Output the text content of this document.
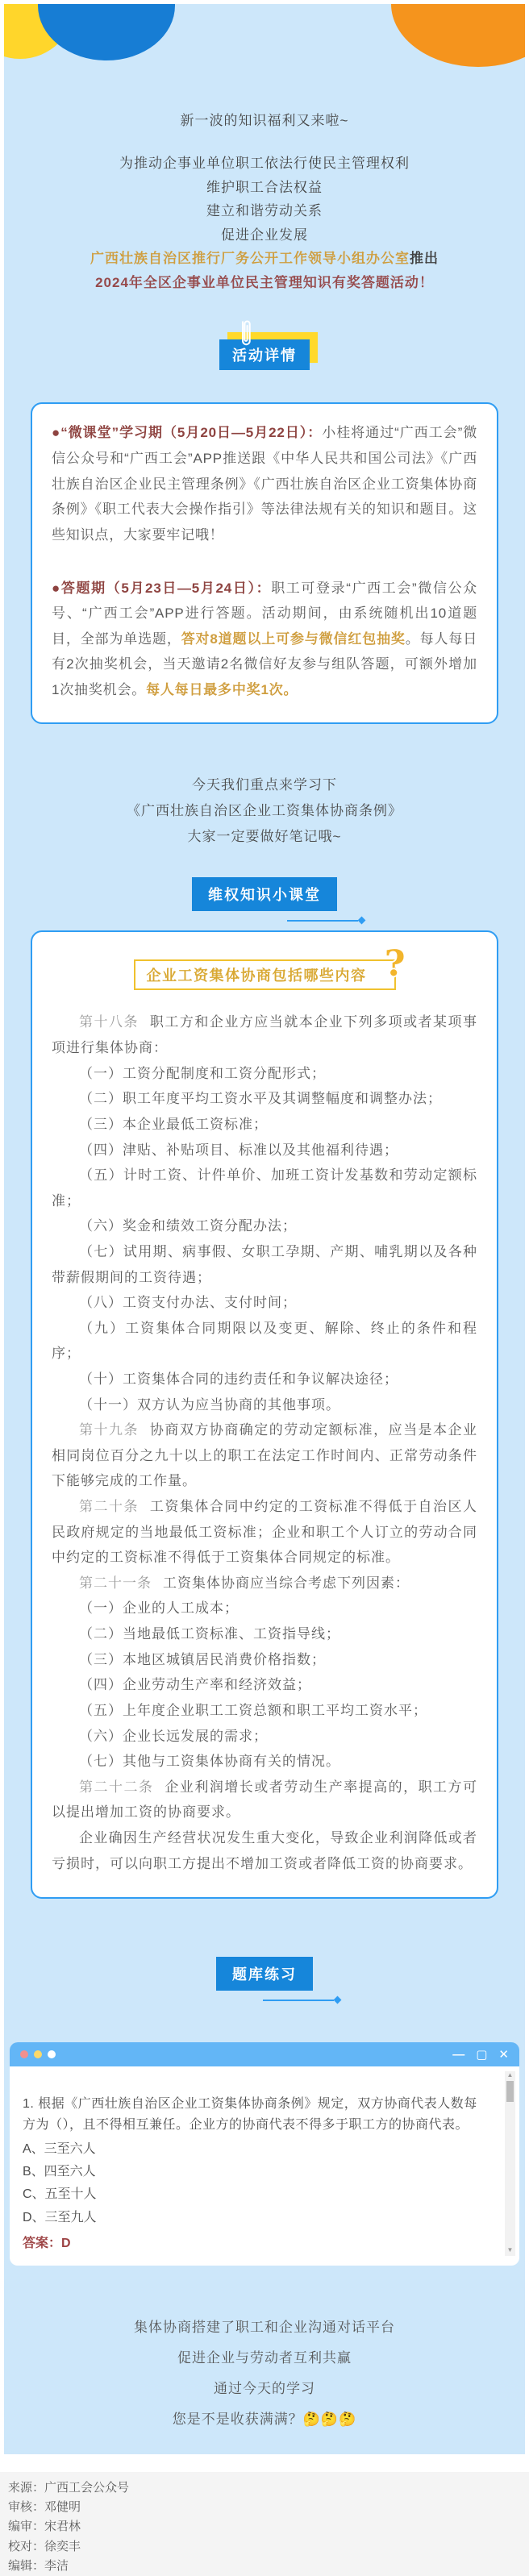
新一波的知识福利又来啦~
为推动企事业单位职工依法行使民主管理权利
维护职工合法权益
建立和谐劳动关系
促进企业发展
广西壮族自治区推行厂务公开工作领导小组办公室推出
2024年全区企事业单位民主管理知识有奖答题活动！
活动详情

●“微课堂”学习期（5月20日—5月22日）：小桂将通过“广西工会”微信公众号和“广西工会”APP推送跟《中华人民共和国公司法》《广西壮族自治区企业民主管理条例》《广西壮族自治区企业工资集体协商条例》《职工代表大会操作指引》等法律法规有关的知识和题目。这些知识点，大家要牢记哦！

●答题期（5月23日—5月24日）：职工可登录“广西工会”微信公众号、“广西工会”APP进行答题。活动期间，由系统随机出10道题目，全部为单选题，答对8道题以上可参与微信红包抽奖。每人每日有2次抽奖机会，当天邀请2名微信好友参与组队答题，可额外增加1次抽奖机会。每人每日最多中奖1次。

今天我们重点来学习下

《广西壮族自治区企业工资集体协商条例》

大家一定要做好笔记哦~

维权知识小课堂
企业工资集体协商包括哪些内容 ?

第十八条 职工方和企业方应当就本企业下列多项或者某项事项进行集体协商：

（一）工资分配制度和工资分配形式；

（二）职工年度平均工资水平及其调整幅度和调整办法；

（三）本企业最低工资标准；

（四）津贴、补贴项目、标准以及其他福利待遇；

（五）计时工资、计件单价、加班工资计发基数和劳动定额标准；

（六）奖金和绩效工资分配办法；

（七）试用期、病事假、女职工孕期、产期、哺乳期以及各种带薪假期间的工资待遇；

（八）工资支付办法、支付时间；

（九）工资集体合同期限以及变更、解除、终止的条件和程序；

（十）工资集体合同的违约责任和争议解决途径；

（十一）双方认为应当协商的其他事项。

第十九条 协商双方协商确定的劳动定额标准，应当是本企业相同岗位百分之九十以上的职工在法定工作时间内、正常劳动条件下能够完成的工作量。

第二十条 工资集体合同中约定的工资标准不得低于自治区人民政府规定的当地最低工资标准；企业和职工个人订立的劳动合同中约定的工资标准不得低于工资集体合同规定的标准。

第二十一条 工资集体协商应当综合考虑下列因素：

（一）企业的人工成本；

（二）当地最低工资标准、工资指导线；

（三）本地区城镇居民消费价格指数；

（四）企业劳动生产率和经济效益；

（五）上年度企业职工工资总额和职工平均工资水平；

（六）企业长远发展的需求；

（七）其他与工资集体协商有关的情况。

第二十二条 企业利润增长或者劳动生产率提高的，职工方可以提出增加工资的协商要求。

企业确因生产经营状况发生重大变化，导致企业利润降低或者亏损时，可以向职工方提出不增加工资或者降低工资的协商要求。

题库练习
— ▢ ✕

1. 根据《广西壮族自治区企业工资集体协商条例》规定，双方协商代表人数每方为（），且不得相互兼任。企业方的协商代表不得多于职工方的协商代表。

A、三至六人
B、四至六人
C、五至十人
D、三至九人
答案：D
▲
▼

集体协商搭建了职工和企业沟通对话平台

促进企业与劳动者互利共赢

通过今天的学习

您是不是收获满满？🤔🤔🤔

来源：广西工会公众号
审核：邓健明
编审：宋君林
校对：徐奕丰
编辑：李洁
